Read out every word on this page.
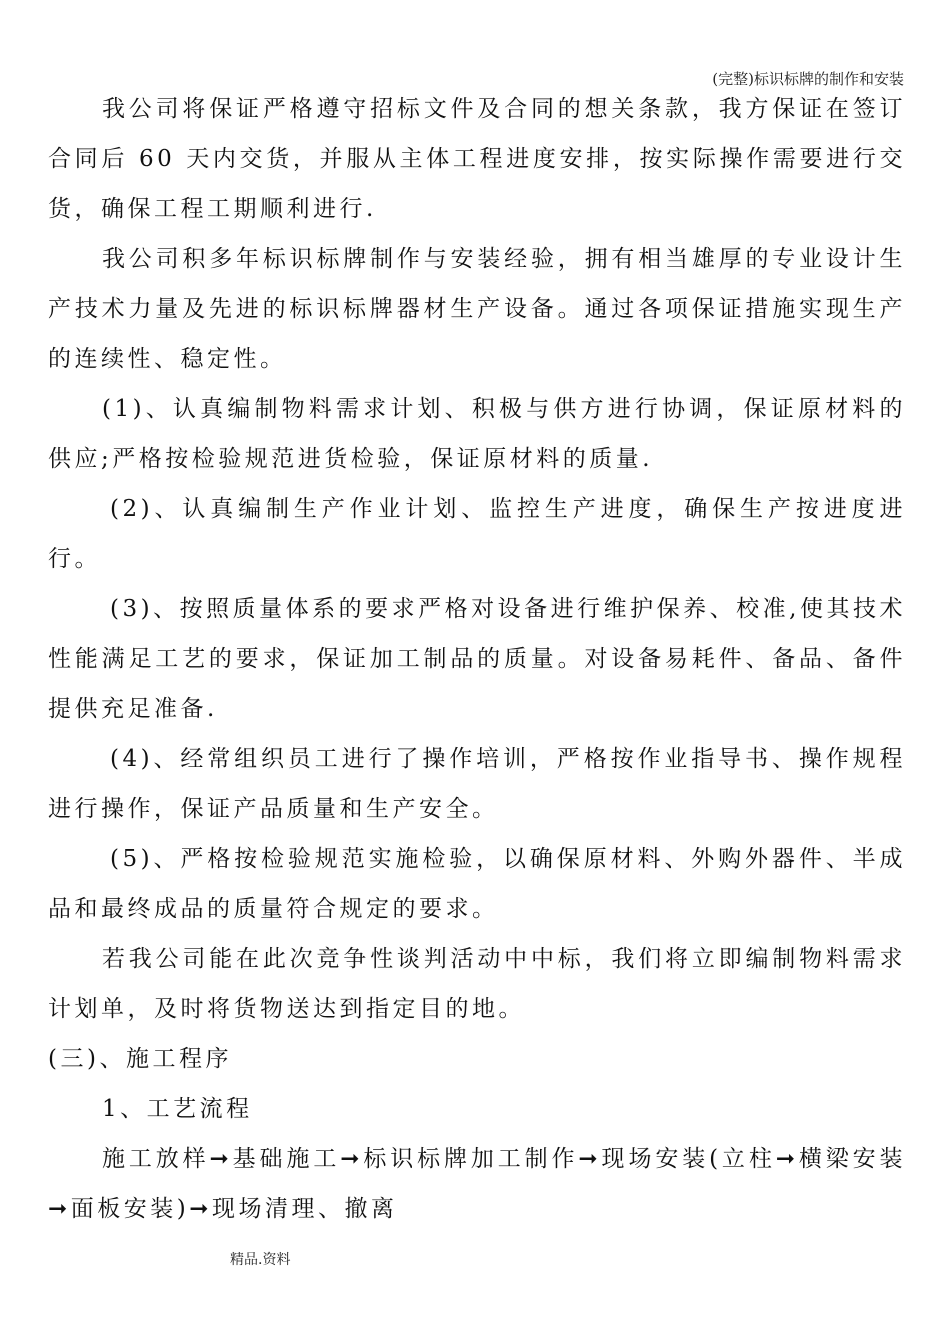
(完整)标识标牌的制作和安装

我公司将保证严格遵守招标文件及合同的想关条款，我方保证在签订合同后 60 天内交货，并服从主体工程进度安排，按实际操作需要进行交货，确保工程工期顺利进行.

我公司积多年标识标牌制作与安装经验，拥有相当雄厚的专业设计生产技术力量及先进的标识标牌器材生产设备。通过各项保证措施实现生产的连续性、稳定性。

(1)、认真编制物料需求计划、积极与供方进行协调，保证原材料的供应;严格按检验规范进货检验，保证原材料的质量.

(2)、认真编制生产作业计划、监控生产进度，确保生产按进度进行。

(3)、按照质量体系的要求严格对设备进行维护保养、校准,使其技术性能满足工艺的要求，保证加工制品的质量。对设备易耗件、备品、备件提供充足准备.

(4)、经常组织员工进行了操作培训，严格按作业指导书、操作规程进行操作，保证产品质量和生产安全。

(5)、严格按检验规范实施检验，以确保原材料、外购外器件、半成品和最终成品的质量符合规定的要求。

若我公司能在此次竞争性谈判活动中中标，我们将立即编制物料需求计划单，及时将货物送达到指定目的地。

(三)、施工程序

1、工艺流程

施工放样➞基础施工➞标识标牌加工制作➞现场安装(立柱➞横梁安装➞面板安装)➞现场清理、撤离

精品.资料
